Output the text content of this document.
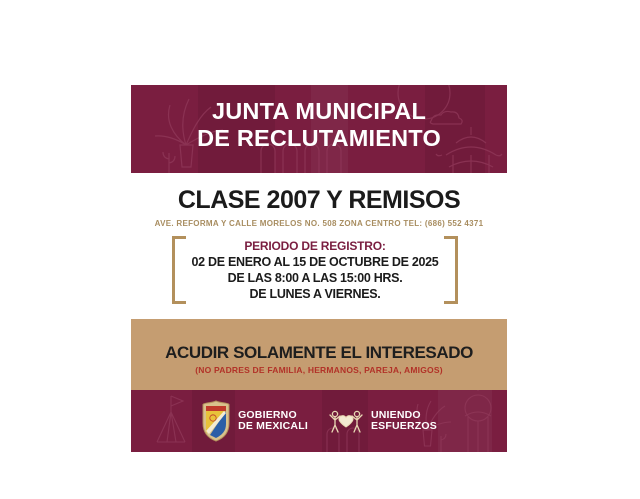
JUNTA MUNICIPAL
DE RECLUTAMIENTO
CLASE 2007 Y REMISOS
AVE. REFORMA Y CALLE MORELOS NO. 508 ZONA CENTRO TEL: (686) 552 4371
PERIODO DE REGISTRO:
02 DE ENERO AL 15 DE OCTUBRE DE 2025
DE LAS 8:00 A LAS 15:00 HRS.
DE LUNES A VIERNES.
ACUDIR SOLAMENTE EL INTERESADO
(NO PADRES DE FAMILIA, HERMANOS, PAREJA, AMIGOS)
GOBIERNO
DE MEXICALI
UNIENDO
ESFUERZOS
